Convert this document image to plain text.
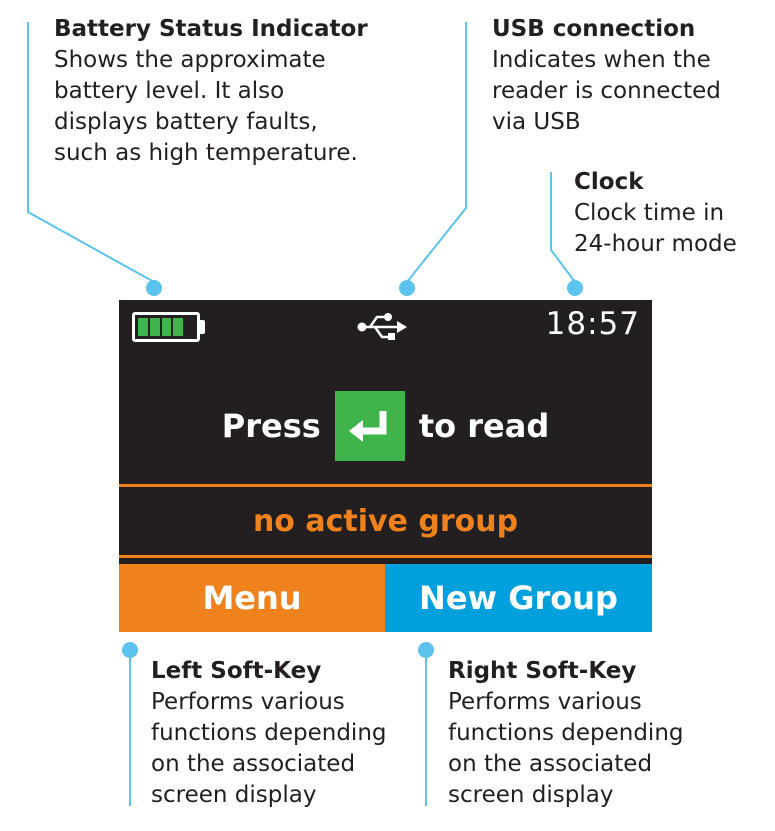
Battery Status Indicator
Shows the approximate
battery level. It also
displays battery faults,
such as high temperature.
USB connection
Indicates when the
reader is connected
via USB
Clock
Clock time in
24-hour mode
Left Soft-Key
Performs various
functions depending
on the associated
screen display
Right Soft-Key
Performs various
functions depending
on the associated
screen display
18:57
Press	to read
no active group
Menu	New Group
